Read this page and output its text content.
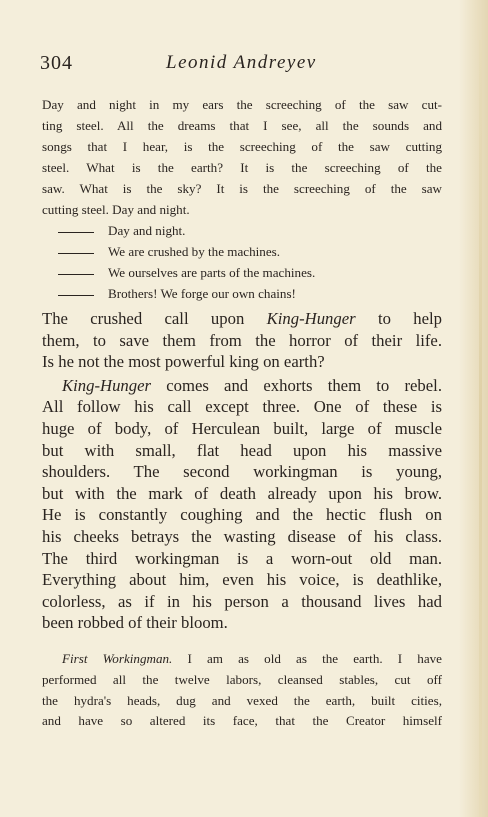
304	Leonid Andreyev
Day and night in my ears the screeching of the saw cut-
ting steel. All the dreams that I see, all the sounds and
songs that I hear, is the screeching of the saw cutting
steel. What is the earth? It is the screeching of the
saw. What is the sky? It is the screeching of the saw
cutting steel. Day and night.
Day and night.
We are crushed by the machines.
We ourselves are parts of the machines.
Brothers! We forge our own chains!

The crushed call upon King-Hunger to help
them, to save them from the horror of their life.
Is he not the most powerful king on earth?

King-Hunger comes and exhorts them to rebel.
All follow his call except three. One of these is
huge of body, of Herculean built, large of muscle
but with small, flat head upon his massive
shoulders. The second workingman is young,
but with the mark of death already upon his brow.
He is constantly coughing and the hectic flush on
his cheeks betrays the wasting disease of his class.
The third workingman is a worn-out old man.
Everything about him, even his voice, is deathlike,
colorless, as if in his person a thousand lives had
been robbed of their bloom.

First Workingman. I am as old as the earth. I have
performed all the twelve labors, cleansed stables, cut off
the hydra's heads, dug and vexed the earth, built cities,
and have so altered its face, that the Creator himself
